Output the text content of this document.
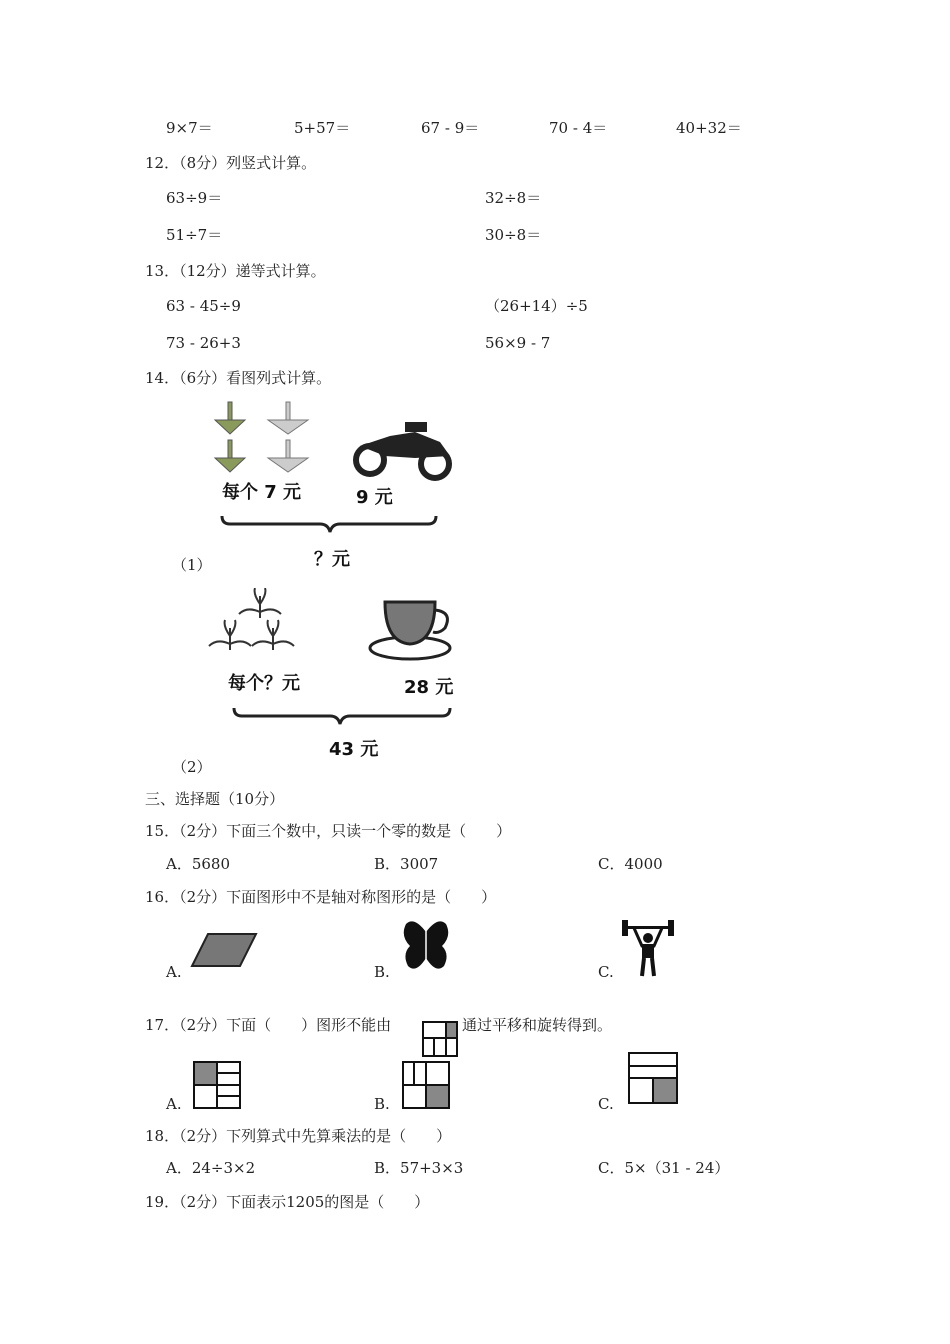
9×7＝	5+57＝	67 - 9＝	70 - 4＝	40+32＝
12．（8分）列竖式计算。
63÷9＝	32÷8＝
51÷7＝	30÷8＝
13．（12分）递等式计算。
63 - 45÷9	（26+14）÷5
73 - 26+3	56×9 - 7
14．（6分）看图列式计算。
每个 7 元	9 元
？元
（1）
每个？元	28 元
43 元
（2）
三、选择题（10分）
15．（2分）下面三个数中，只读一个零的数是（　　）
A．5680	B．3007	C．4000
16．（2分）下面图形中不是轴对称图形的是（　　）
A.	B.	C.
17．（2分）下面（　　）图形不能由	通过平移和旋转得到。
A.	B.	C.
18．（2分）下列算式中先算乘法的是（　　）
A．24÷3×2	B．57+3×3	C．5×（31 - 24）
19．（2分）下面表示1205的图是（　　）
